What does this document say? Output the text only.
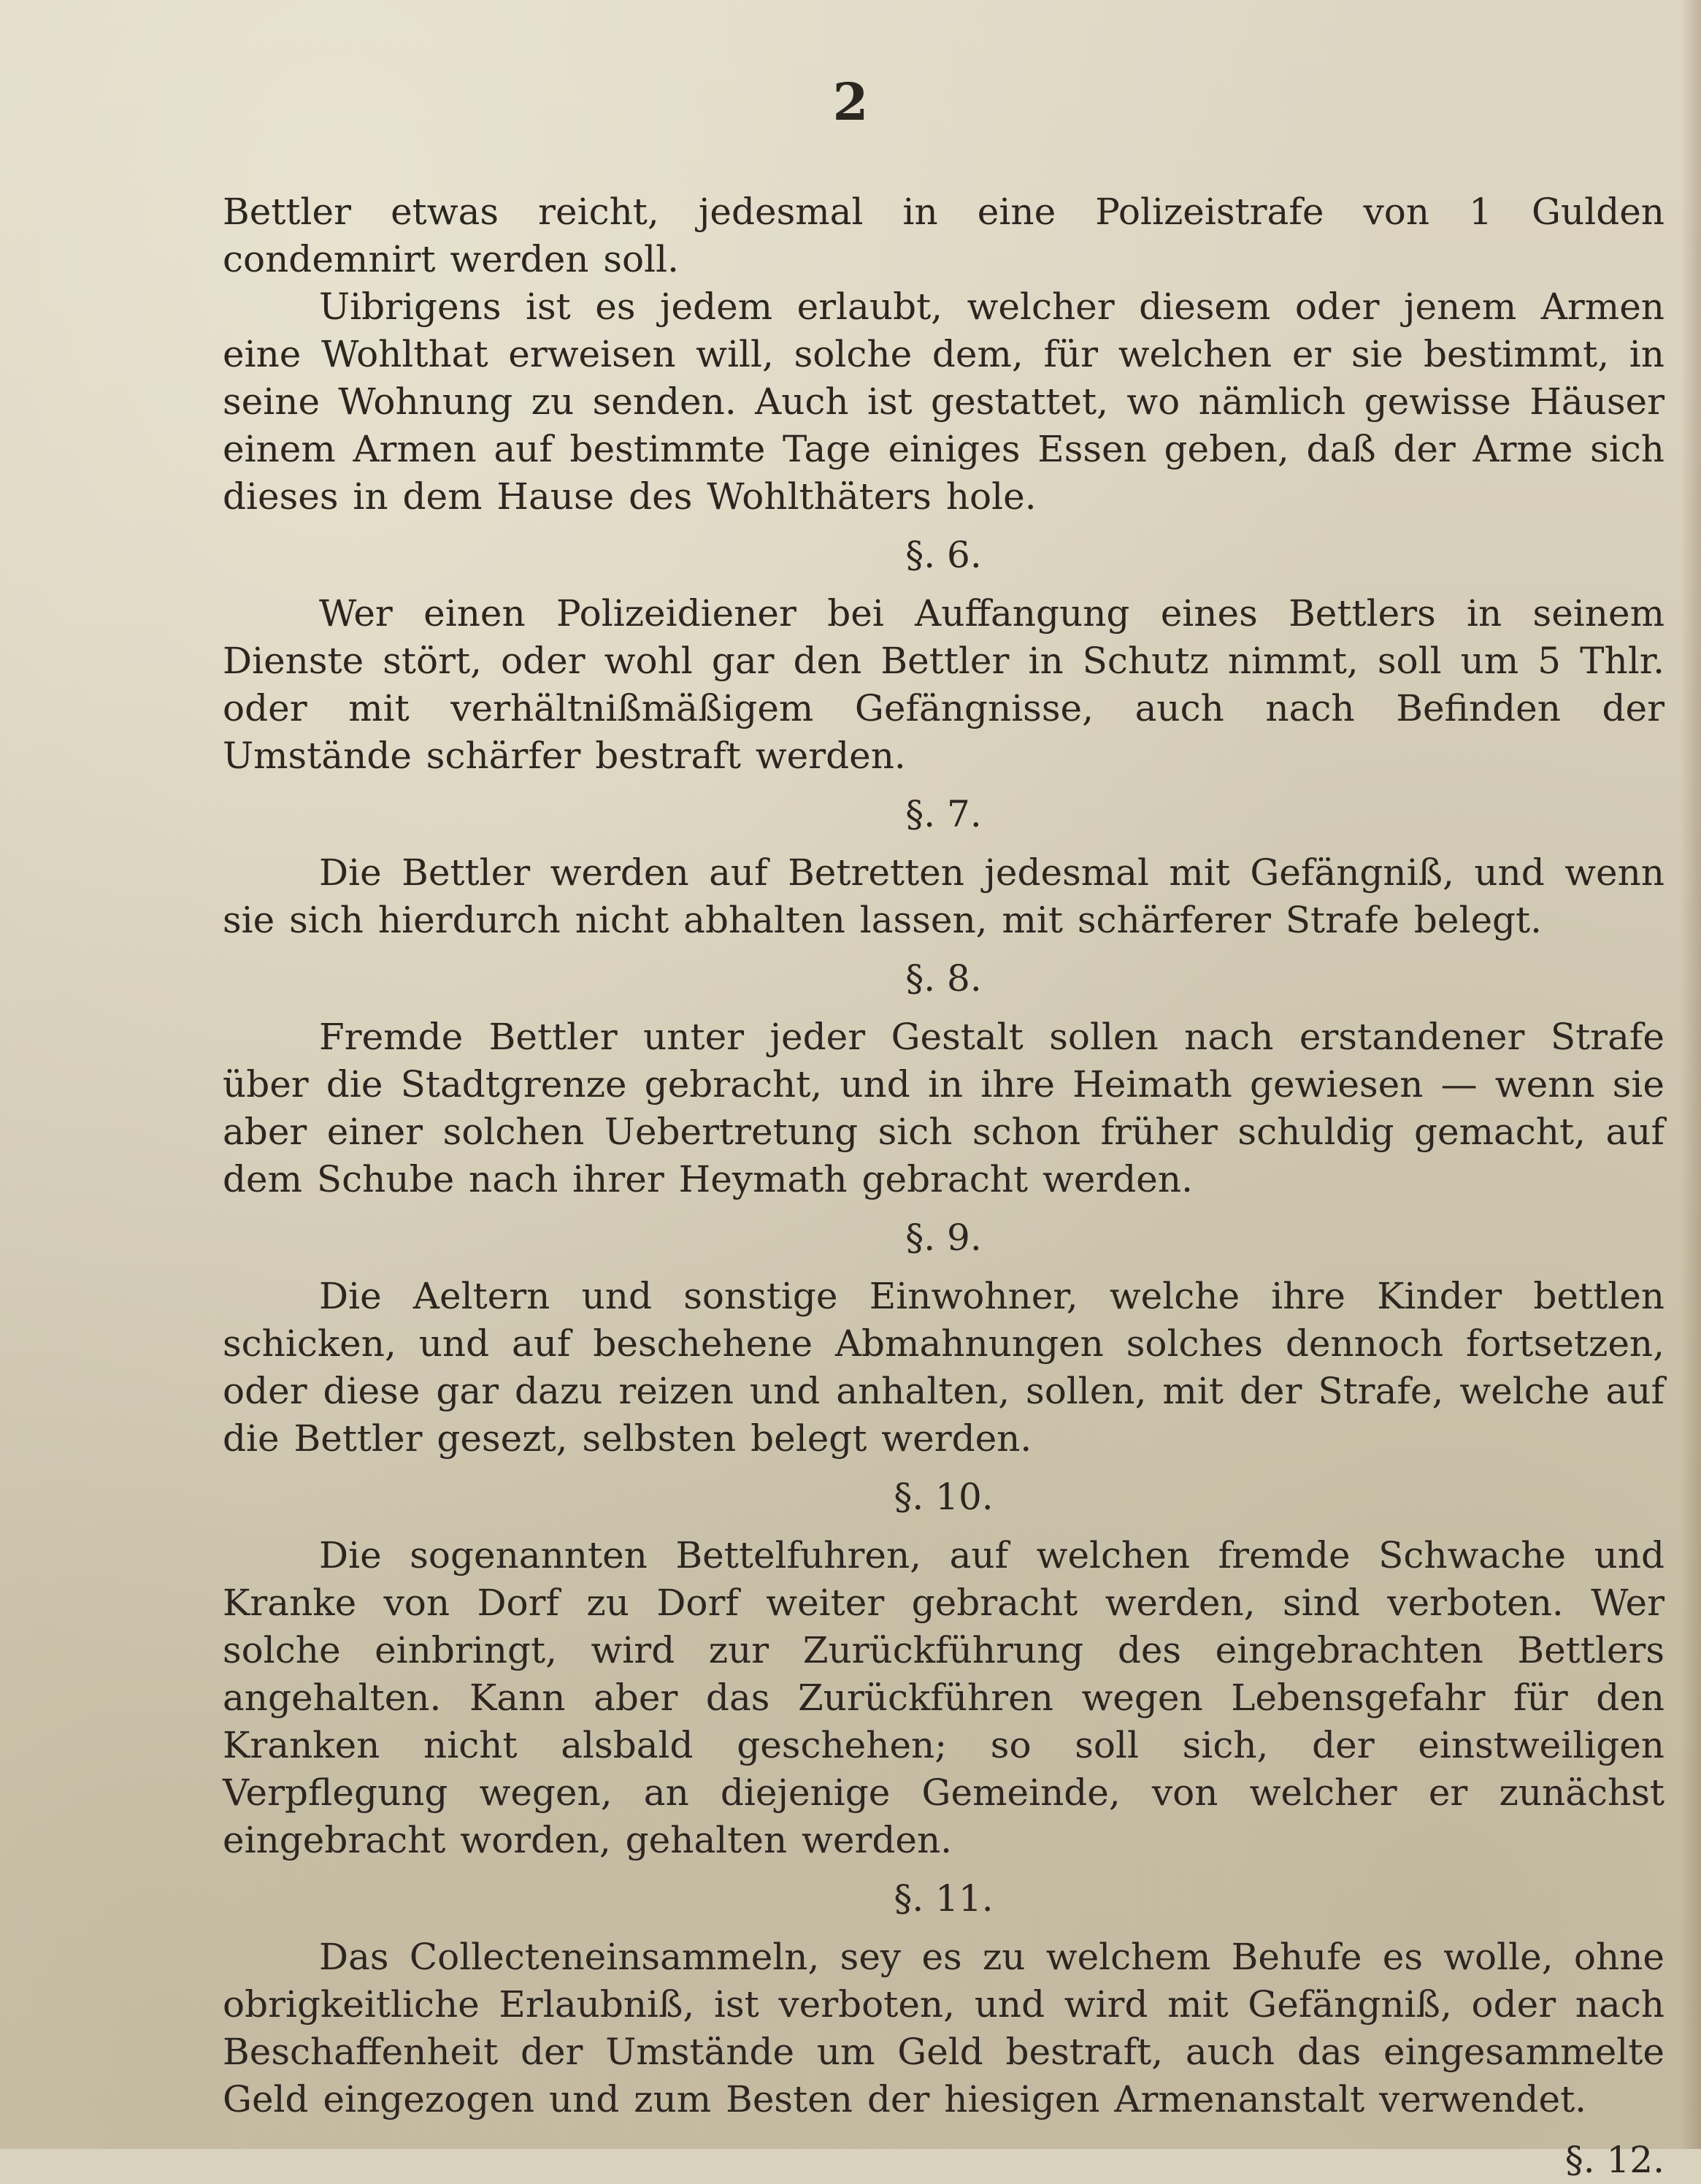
2

Bettler etwas reicht, jedesmal in eine Polizeistrafe von 1 Gulden condemnirt werden soll.

Uibrigens ist es jedem erlaubt, welcher diesem oder jenem Armen eine Wohlthat erweisen will, solche dem, für welchen er sie bestimmt, in seine Wohnung zu senden. Auch ist gestattet, wo nämlich gewisse Häuser einem Armen auf bestimmte Tage einiges Essen geben, daß der Arme sich dieses in dem Hause des Wohlthäters hole.

§. 6.

Wer einen Polizeidiener bei Auffangung eines Bettlers in seinem Dienste stört, oder wohl gar den Bettler in Schutz nimmt, soll um 5 Thlr. oder mit verhältnißmäßigem Gefängnisse, auch nach Befinden der Umstände schärfer bestraft werden.

§. 7.

Die Bettler werden auf Betretten jedesmal mit Gefängniß, und wenn sie sich hierdurch nicht abhalten lassen, mit schärferer Strafe belegt.

§. 8.

Fremde Bettler unter jeder Gestalt sollen nach erstandener Strafe über die Stadtgrenze gebracht, und in ihre Heimath gewiesen — wenn sie aber einer solchen Uebertretung sich schon früher schuldig gemacht, auf dem Schube nach ihrer Heymath gebracht werden.

§. 9.

Die Aeltern und sonstige Einwohner, welche ihre Kinder bettlen schicken, und auf beschehene Abmahnungen solches dennoch fortsetzen, oder diese gar dazu reizen und anhalten, sollen, mit der Strafe, welche auf die Bettler gesezt, selbsten belegt werden.

§. 10.

Die sogenannten Bettelfuhren, auf welchen fremde Schwache und Kranke von Dorf zu Dorf weiter gebracht werden, sind verboten. Wer solche einbringt, wird zur Zurückführung des eingebrachten Bettlers angehalten. Kann aber das Zurückführen wegen Lebensgefahr für den Kranken nicht alsbald geschehen; so soll sich, der einstweiligen Verpflegung wegen, an diejenige Gemeinde, von welcher er zunächst eingebracht worden, gehalten werden.

§. 11.

Das Collecteneinsammeln, sey es zu welchem Behufe es wolle, ohne obrigkeitliche Erlaubniß, ist verboten, und wird mit Gefängniß, oder nach Beschaffenheit der Umstände um Geld bestraft, auch das eingesammelte Geld eingezogen und zum Besten der hiesigen Armenanstalt verwendet.

§. 12.
